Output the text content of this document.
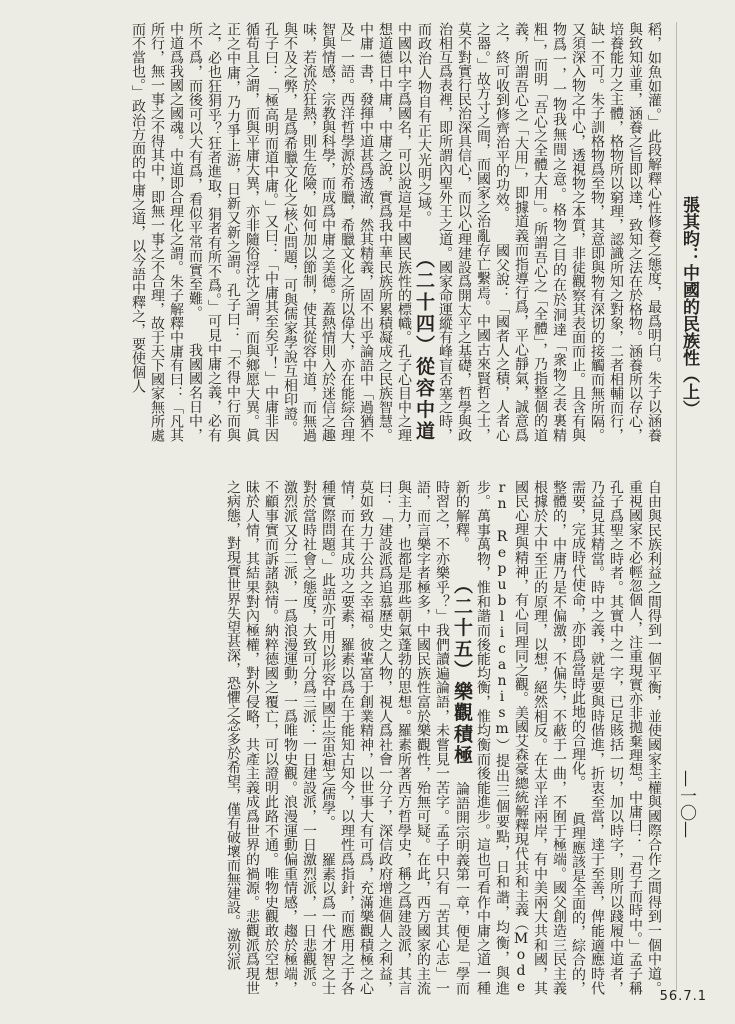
張其昀：中國的民族性（上）
—一〇—
稻，如魚如灌。」此段解釋心性修養之態度，最爲明白。朱子以涵養與致知並重，涵養之旨即以達，致知之法在於格物。涵養所以存心，培養能力之主體，格物所以窮理，認識所知之對象，二者相輔而行，缺一不可。朱子訓格物爲至物，其意即與物有深切的接觸而無所隔。又須深入物之中心，透視物之本質，非徒觀察其表面而止。且含有與物爲一，一物我無間之意。格物之目的在於洞達「衆物之表裏精粗」，而明「吾心之全體大用」。所謂吾心之「全體」，乃指整個的道義，所謂吾心之「大用」，即據道義而指導行爲，平心靜氣，誠意爲之，終可收到修齊治平的功效。　 國父說：「國者人之積，人者心之器。」故方寸之間，而國家之治亂存亡繫焉。中國古來賢哲之士，莫不對實行民治深具信心，而以心理建設爲開太平之基礎，哲學與政治相互爲表裡，即所謂內聖外王之道。國家命運縱有峰盲否塞之時，而政治人物自有正大光明之域。　 （二十四）從容中道 中國以中字爲國名，可以說這是中國民族性的標幟。孔子心目中之理想道德日中庸，中庸之說，實爲我中華民族所累積凝成之民族智慧。中庸一書，發揮中道甚爲透澈，然其精義，固不出乎論語中「過猶不及」一語。西洋哲學源於希臘，希臘文化之所以偉大，亦在能綜合理智與情感，宗教與科學，而成爲中庸之美德。蓋熱情則入於迷信之趣味，若流於狂熱，則生危險，如何加以節制，使其從容中道，而無過與不及之弊，是爲希臘文化之核心問題，可與儒家學說互相印證。　 孔子曰：「極高明而道中庸。」又曰：「中庸其至矣乎！」中庸非因循苟且之謂，而與平庸大異，亦非隨俗浮沈之謂，而與鄉愿大異。眞正之中庸，乃力爭上游，日新又新之謂。孔子曰：「不得中行而與之，必也狂狷乎？狂者進取，狷者有所不爲。」可見中庸之義，必有所不爲，而後可以大有爲，看似平常而實至難。　 我國國名日中，中道爲我國之國魂。中道即合理化之謂。朱子解釋中庸有曰：「凡其所行，無一事之不得其中，即無一事之不合理，故于天下國家無所處而不當也。」政治方面的中庸之道，以今語中釋之，要使個人
自由與民族利益之間得到一個平衡，並使國家主權與國際合作之間得到一個中道。重視國家不必輕忽個人，注重現實亦非拋棄理想。中庸曰：「君子而時中。」孟子稱孔子爲聖之時者。其實中之一字，已足賅括一切，加以時字，則所以踐履中道者，乃益見其精當。時中之義，就是要與時偕進，折衷至當，達于至善，俾能適應時代需要，完成時代使命，亦即爲當時此地的合理化。　 眞理應該是全面的，綜合的，整體的，中庸乃是不偏激，不偏失，不蔽于一曲，不囿于極端。國父創造三民主義根據於大中至正的原理，以想，絕然相反。在太平洋兩岸，有中美兩大共和國，其國民心理與精神，有心同理同之觀。美國艾森豪總統解釋現代共和主義（Modern Republicanism）提出三個要點，日和諧，均衡，與進步。萬事萬物，惟和諧而後能均衡，惟均衡而後能進步。這也可看作中庸之道一種新的解釋。　 （二十五）樂觀積極 論語開宗明義第一章，便是「學而時習之，不亦樂乎？」我們讀遍論語，未嘗見一苦字。孟子中只有「苦其心志」一語，而言樂字者極多，中國民族性富於樂觀性，殆無可疑。在此，西方國家的主流與主力，也都是那些朝氣蓬勃的思想。羅素所著西方哲學史，稱之爲建設派，其言曰：「建設派爲追慕歷史之人物，視人爲社會一分子，深信政府增進個人之利益，莫如致力于公共之幸福。彼輩富于創業精神，以世事大有可爲，充滿樂觀積極之心情，而在其成功之要素，羅素以爲在于能知古知今，以理性爲指針，而應用之于各種實際問題。」此語亦可用以形容中國正宗思想之儒學。　 羅素以爲一代才智之士對於當時社會之態度，大致可分爲三派：一日建設派，一日激烈派，一日悲觀派。激烈派又分二派，一爲浪漫運動，一爲唯物史觀。浪漫運動偏重情感，趨於極端，不顧事實而訴諸熱情。納粹德國之覆亡，可以證明此路不通。唯物史觀敢於空想，昧於人情，其結果對內極權，對外侵略，共產主義成爲世界的禍源。悲觀派爲現世之病態，對現實世界失望甚深，恐懼之念多於希望，僅有破壞而無建設。激烈派
56.7.1
